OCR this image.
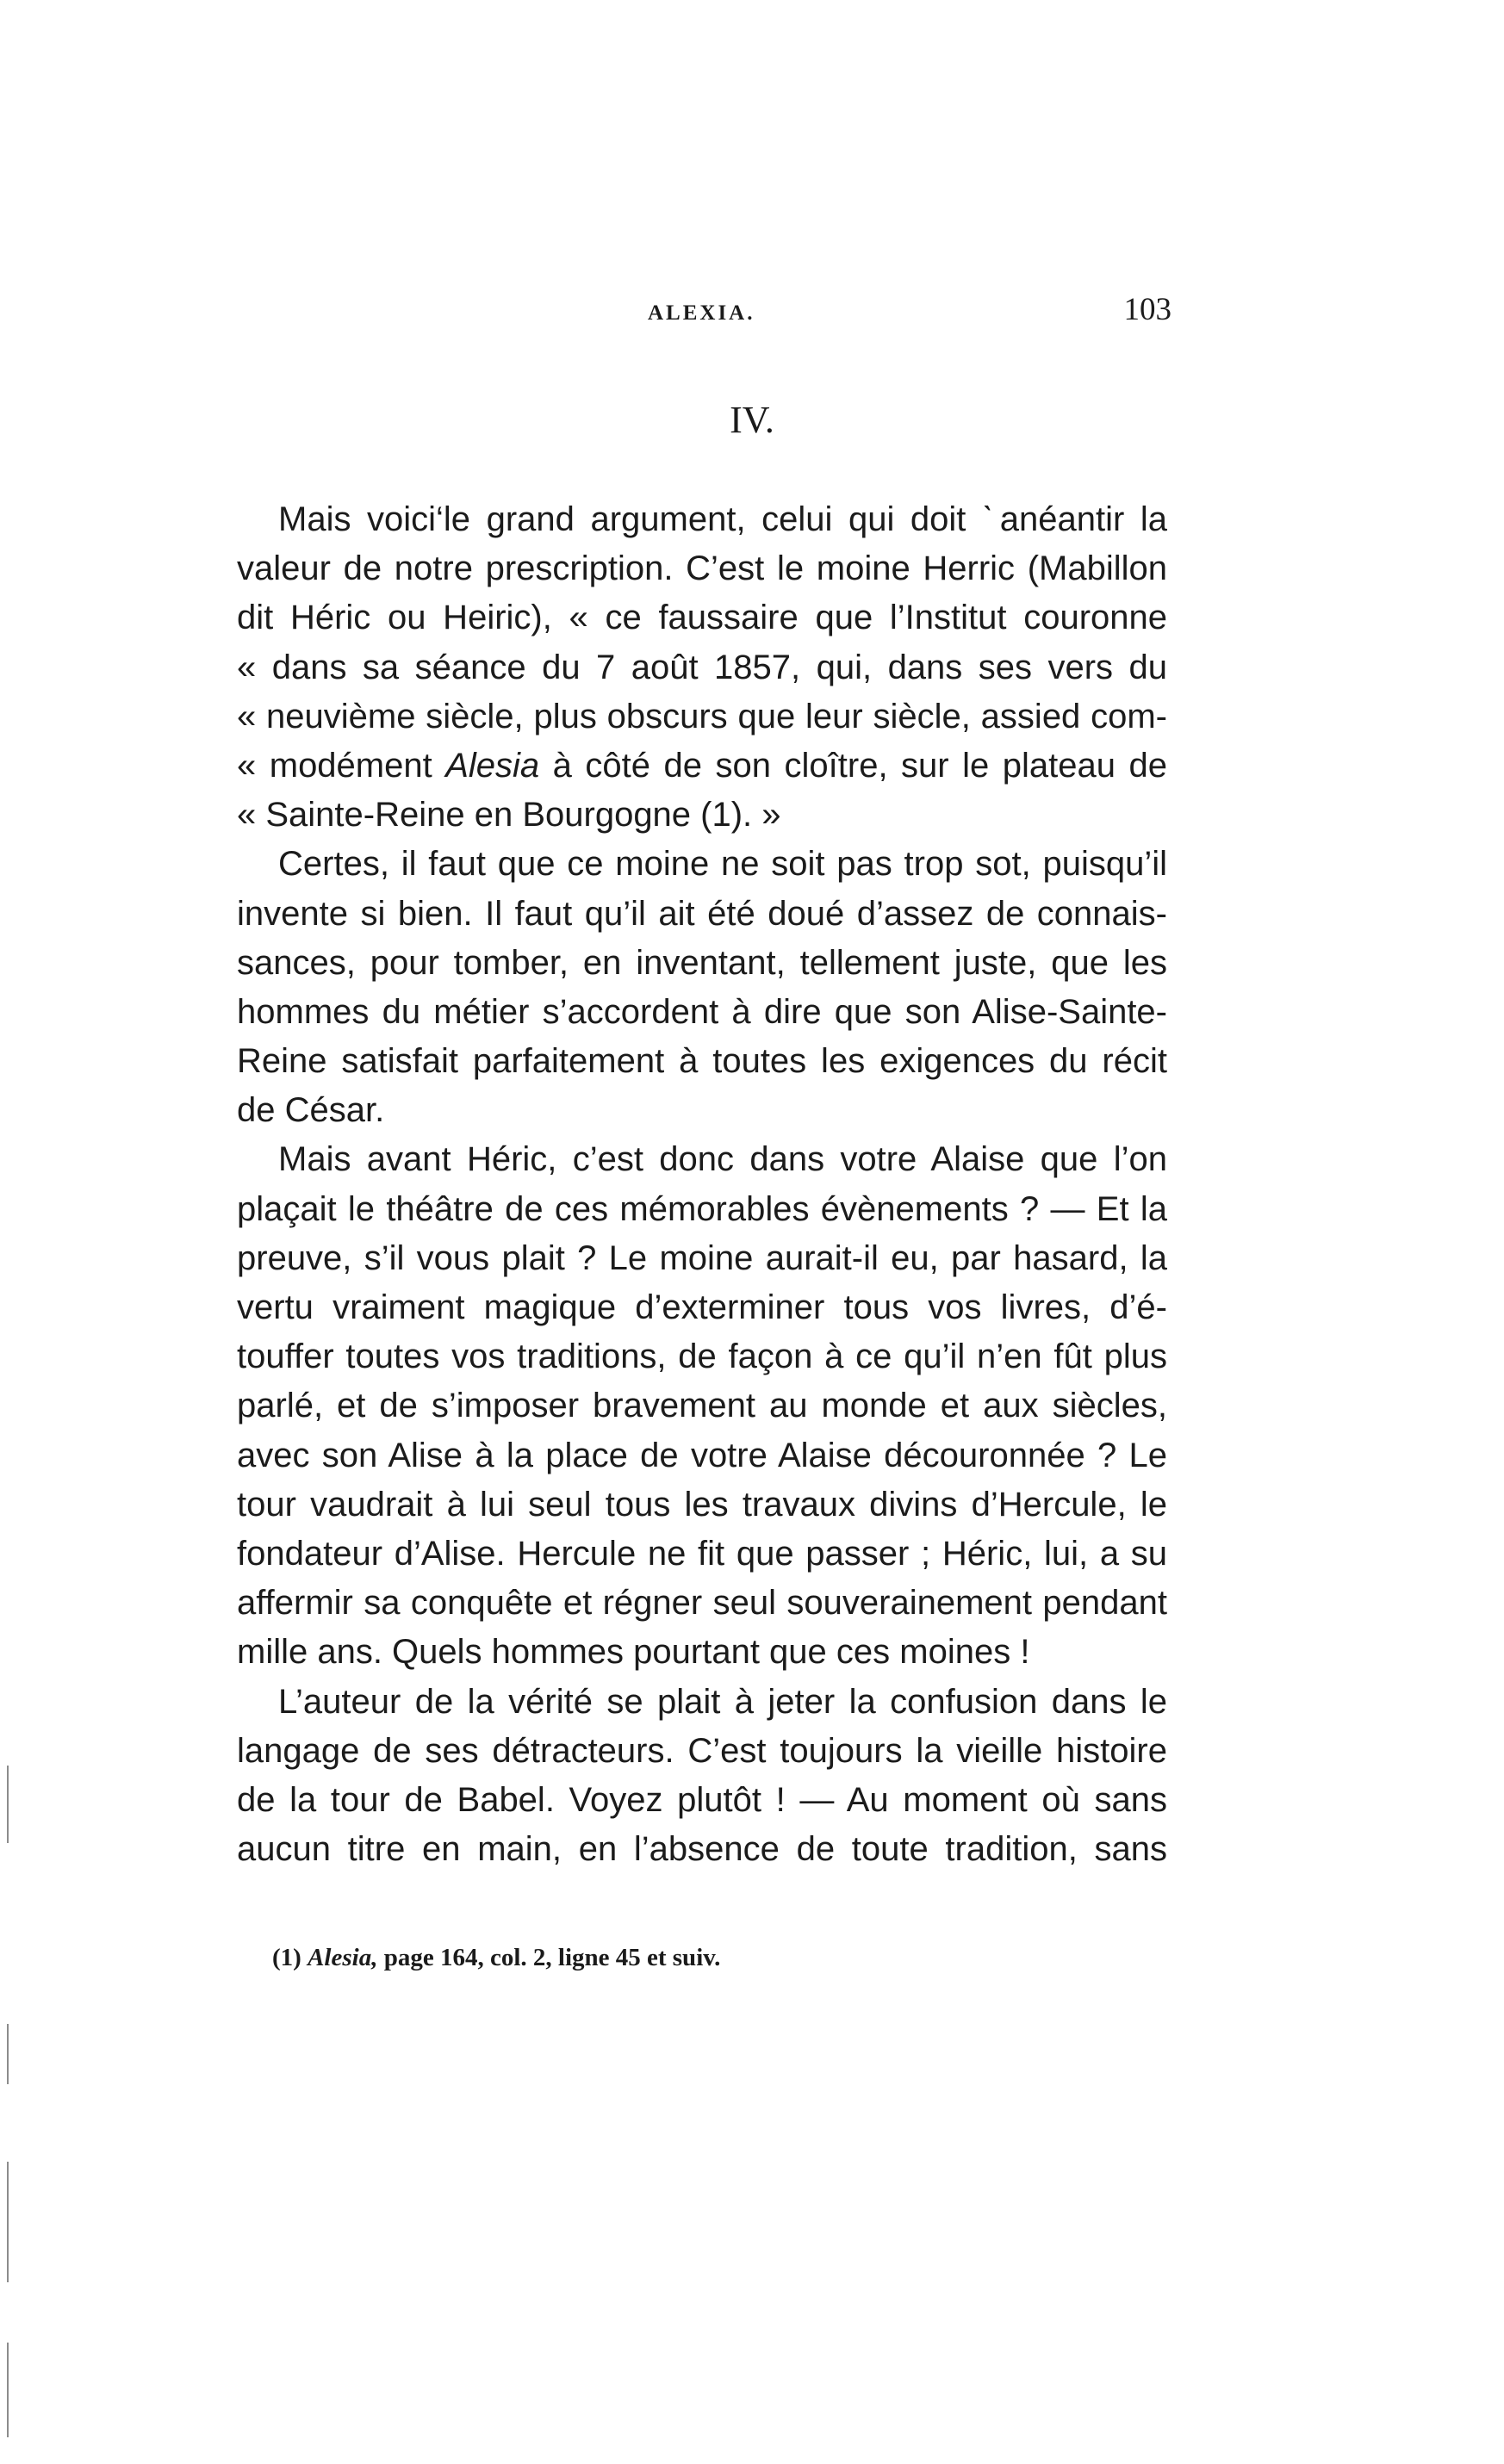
ALEXIA.	103
IV.

Mais voici‘le grand argument, celui qui doit ˋanéantir la
valeur de notre prescription. C’est le moine Herric (Mabillon
dit Héric ou Heiric), « ce faussaire que l’Institut couronne
« dans sa séance du 7 août 1857, qui, dans ses vers du
« neuvième siècle, plus obscurs que leur siècle, assied com-
« modément Alesia à côté de son cloître, sur le plateau de
« Sainte-Reine en Bourgogne (1). »

Certes, il faut que ce moine ne soit pas trop sot, puisqu’il
invente si bien. Il faut qu’il ait été doué d’assez de connais-
sances, pour tomber, en inventant, tellement juste, que les
hommes du métier s’accordent à dire que son Alise-Sainte-
Reine satisfait parfaitement à toutes les exigences du récit
de César.

Mais avant Héric, c’est donc dans votre Alaise que l’on
plaçait le théâtre de ces mémorables évènements ? — Et la
preuve, s’il vous plait ? Le moine aurait-il eu, par hasard, la
vertu vraiment magique d’exterminer tous vos livres, d’é-
touffer toutes vos traditions, de façon à ce qu’il n’en fût plus
parlé, et de s’imposer bravement au monde et aux siècles,
avec son Alise à la place de votre Alaise découronnée ? Le
tour vaudrait à lui seul tous les travaux divins d’Hercule, le
fondateur d’Alise. Hercule ne fit que passer ; Héric, lui, a su
affermir sa conquête et régner seul souverainement pendant
mille ans. Quels hommes pourtant que ces moines !

L’auteur de la vérité se plait à jeter la confusion dans le
langage de ses détracteurs. C’est toujours la vieille histoire
de la tour de Babel. Voyez plutôt ! — Au moment où sans
aucun titre en main, en l’absence de toute tradition, sans

(1) Alesia, page 164, col. 2, ligne 45 et suiv.
